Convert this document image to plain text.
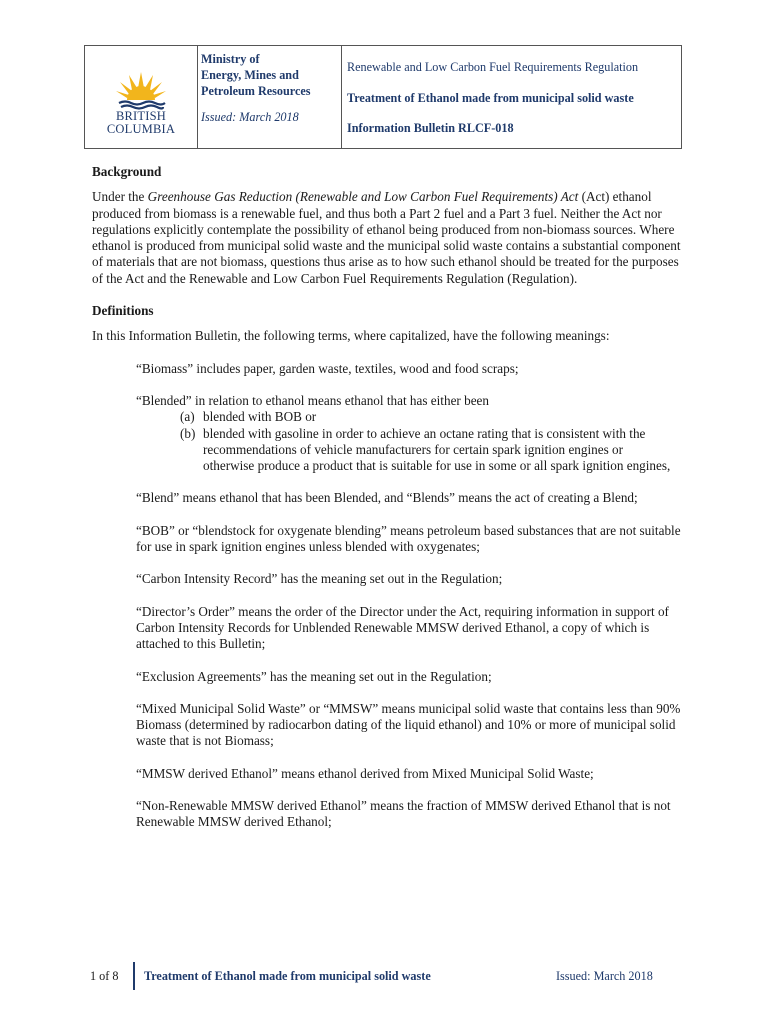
BRITISH
COLUMBIA
Ministry of
Energy, Mines and
Petroleum Resources
Issued: March 2018
Renewable and Low Carbon Fuel Requirements Regulation
Treatment of Ethanol made from municipal solid waste
Information Bulletin RLCF-018
Background

Under the Greenhouse Gas Reduction (Renewable and Low Carbon Fuel Requirements) Act (Act) ethanol produced from biomass is a renewable fuel, and thus both a Part 2 fuel and a Part 3 fuel. Neither the Act nor regulations explicitly contemplate the possibility of ethanol being produced from non-biomass sources. Where ethanol is produced from municipal solid waste and the municipal solid waste contains a substantial component of materials that are not biomass, questions thus arise as to how such ethanol should be treated for the purposes of the Act and the Renewable and Low Carbon Fuel Requirements Regulation (Regulation).

Definitions

In this Information Bulletin, the following terms, where capitalized, have the following meanings:

“Biomass” includes paper, garden waste, textiles, wood and food scraps;
“Blended” in relation to ethanol means ethanol that has either been
(a) blended with BOB or
(b) blended with gasoline in order to achieve an octane rating that is consistent with the recommendations of vehicle manufacturers for certain spark ignition engines or otherwise produce a product that is suitable for use in some or all spark ignition engines,
“Blend” means ethanol that has been Blended, and “Blends” means the act of creating a Blend;
“BOB” or “blendstock for oxygenate blending” means petroleum based substances that are not suitable for use in spark ignition engines unless blended with oxygenates;
“Carbon Intensity Record” has the meaning set out in the Regulation;
“Director’s Order” means the order of the Director under the Act, requiring information in support of Carbon Intensity Records for Unblended Renewable MMSW derived Ethanol, a copy of which is attached to this Bulletin;
“Exclusion Agreements” has the meaning set out in the Regulation;
“Mixed Municipal Solid Waste” or “MMSW” means municipal solid waste that contains less than 90% Biomass (determined by radiocarbon dating of the liquid ethanol) and 10% or more of municipal solid waste that is not Biomass;
“MMSW derived Ethanol” means ethanol derived from Mixed Municipal Solid Waste;
“Non-Renewable MMSW derived Ethanol” means the fraction of MMSW derived Ethanol that is not Renewable MMSW derived Ethanol;
1 of 8 Treatment of Ethanol made from municipal solid waste	Issued: March 2018
